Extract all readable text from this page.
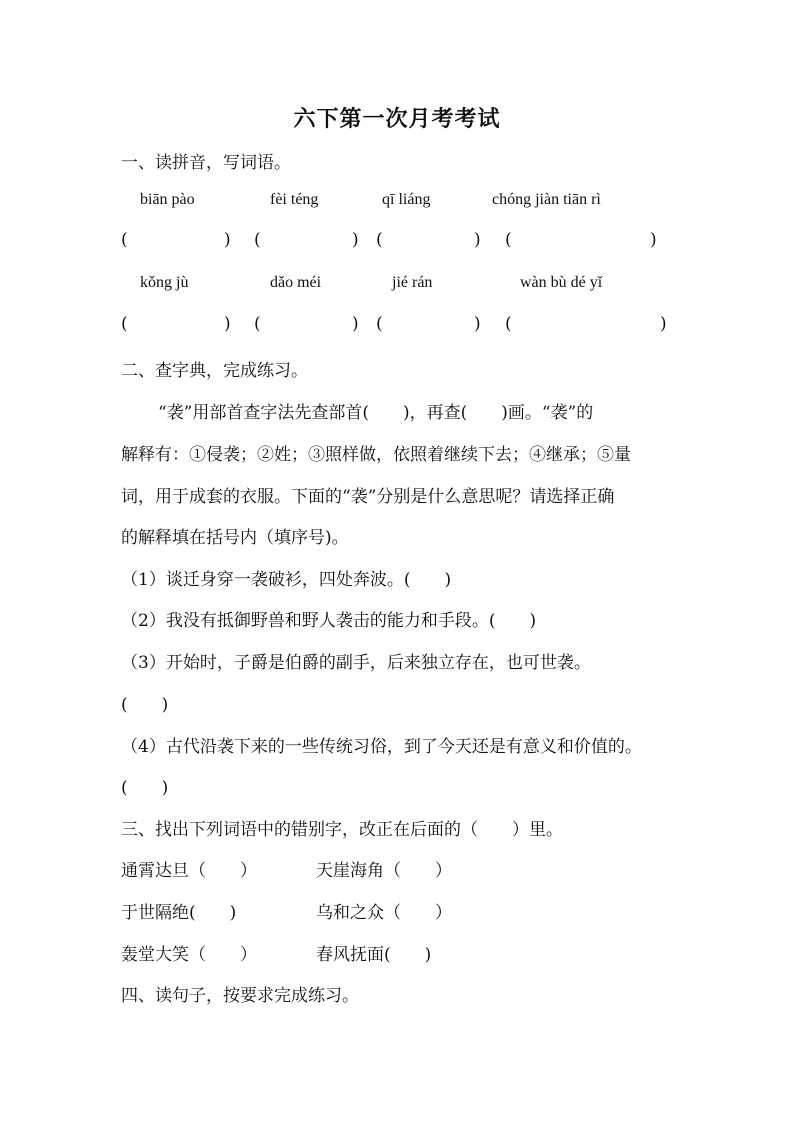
六下第一次月考考试
一、读拼音，写词语。
biān pào	fèi téng	qī liáng	chóng jiàn tiān rì
(	) (	) (	) (	)
kǒng jù	dǎo méi	jié rán	wàn bù dé yǐ
(	) (	) (	) (	)
二、查字典，完成练习。
“袭”用部首查字法先查部首(　　)，再查(　　)画。“袭”的
解释有：①侵袭；②姓；③照样做，依照着继续下去；④继承；⑤量
词，用于成套的衣服。下面的“袭”分别是什么意思呢？请选择正确
的解释填在括号内（填序号)。
（1）谈迁身穿一袭破衫，四处奔波。(　　)
（2）我没有抵御野兽和野人袭击的能力和手段。(　　)
（3）开始时，子爵是伯爵的副手，后来独立存在，也可世袭。
(　　)
（4）古代沿袭下来的一些传统习俗，到了今天还是有意义和价值的。
(　　)
三、找出下列词语中的错别字，改正在后面的（　　）里。
通霄达旦（　　）	天崖海角（　　）
于世隔绝(　　)	乌和之众（　　）
轰堂大笑（　　）	春风抚面(　　)
四、读句子，按要求完成练习。
